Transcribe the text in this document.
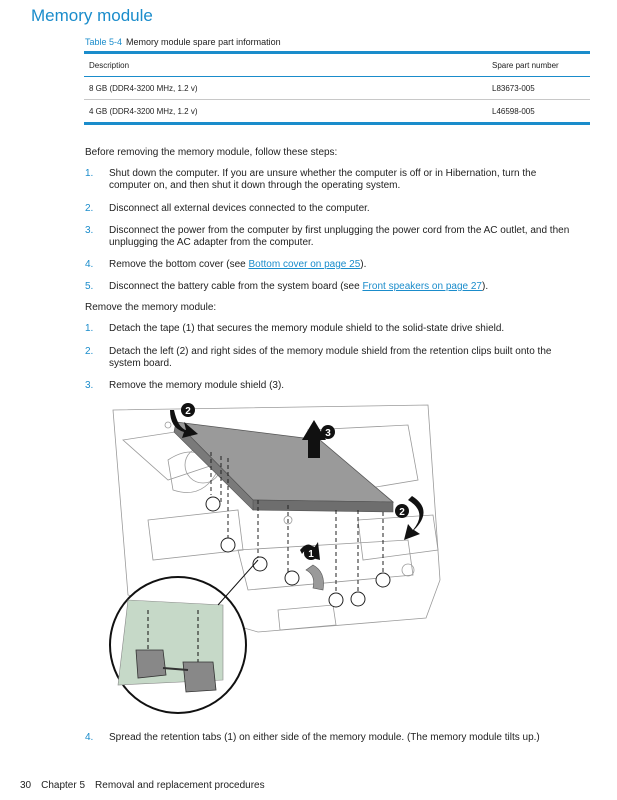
Memory module
Table 5-4 Memory module spare part information
Description	Spare part number
8 GB (DDR4-3200 MHz, 1.2 v)	L83673-005
4 GB (DDR4-3200 MHz, 1.2 v)	L46598-005
Before removing the memory module, follow these steps:
1.	Shut down the computer. If you are unsure whether the computer is off or in Hibernation, turn the computer on, and then shut it down through the operating system.
2.	Disconnect all external devices connected to the computer.
3.	Disconnect the power from the computer by first unplugging the power cord from the AC outlet, and then unplugging the AC adapter from the computer.
4.	Remove the bottom cover (see Bottom cover on page 25).
5.	Disconnect the battery cable from the system board (see Front speakers on page 27).
Remove the memory module:
1.	Detach the tape (1) that secures the memory module shield to the solid-state drive shield.
2.	Detach the left (2) and right sides of the memory module shield from the retention clips built onto the system board.
3.	Remove the memory module shield (3).
1
2
2
3
4.	Spread the retention tabs (1) on either side of the memory module. (The memory module tilts up.)
30 Chapter 5 Removal and replacement procedures
